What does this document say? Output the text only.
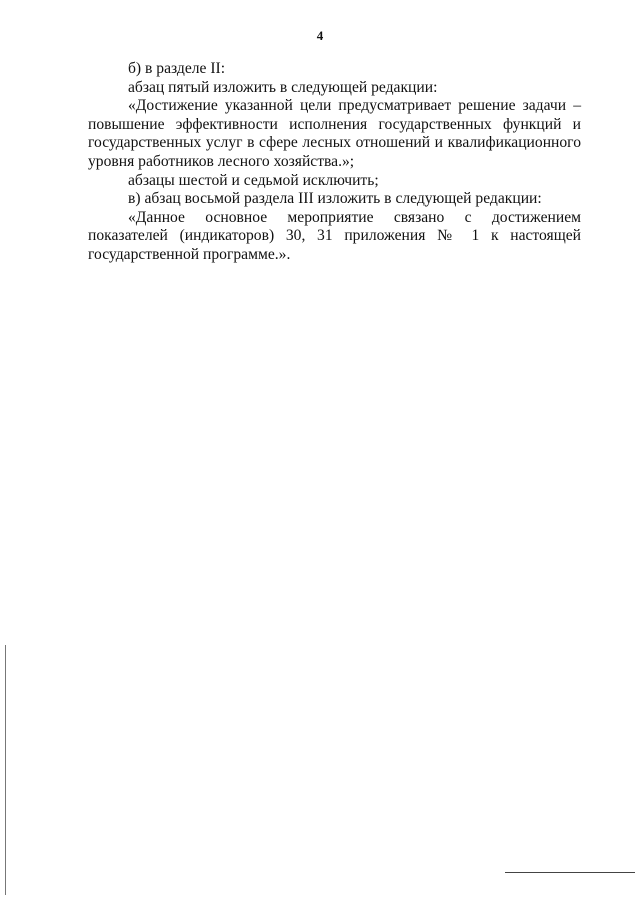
4

б) в разделе II:

абзац пятый изложить в следующей редакции:

«Достижение указанной цели предусматривает решение задачи – повышение эффективности исполнения государственных функций и государственных услуг в сфере лесных отношений и квалификационного уровня работников лесного хозяйства.»;

абзацы шестой и седьмой исключить;

в) абзац восьмой раздела III изложить в следующей редакции:

«Данное основное мероприятие связано с достижением показателей (индикаторов) 30, 31 приложения № 1 к настоящей государственной программе.».
